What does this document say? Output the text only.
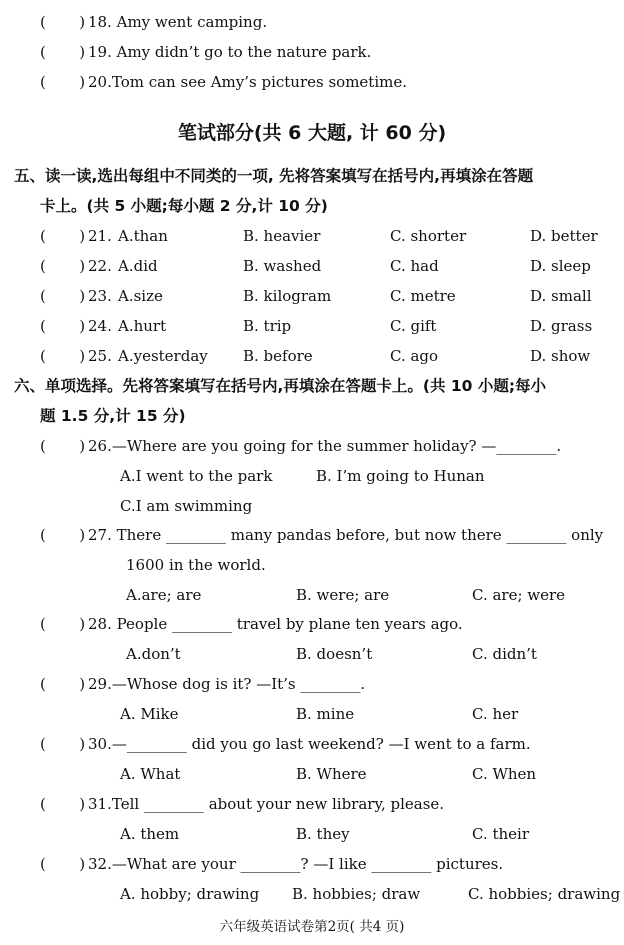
(       ) 18. Amy went camping.
(       ) 19. Amy didn’t go to the nature park.
(       ) 20.Tom can see Amy’s pictures sometime.
笔试部分(共 6 大题, 计 60 分)
五、读一读,选出每组中不同类的一项, 先将答案填写在括号内,再填涂在答题
卡上。(共 5 小题;每小题 2 分,计 10 分)
(       ) 21. A.than	B. heavier	C. shorter	D. better
(       ) 22. A.did	B. washed	C. had	D. sleep
(       ) 23. A.size	B. kilogram	C. metre	D. small
(       ) 24. A.hurt	B. trip	C. gift	D. grass
(       ) 25. A.yesterday B. before	C. ago	D. show
六、单项选择。先将答案填写在括号内,再填涂在答题卡上。(共 10 小题;每小
题 1.5 分,计 15 分)
(       ) 26.—Where are you going for the summer holiday? —________.
A.I went to the park	B. I’m going to Hunan
C.I am swimming
(       ) 27. There ________ many pandas before, but now there ________ only
1600 in the world.
A.are; are	B. were; are	C. are; were
(       ) 28. People ________ travel by plane ten years ago.
A.don’t	B. doesn’t	C. didn’t
(       ) 29.—Whose dog is it? —It’s ________.
A. Mike	B. mine	C. her
(       ) 30.—________ did you go last weekend? —I went to a farm.
A. What	B. Where	C. When
(       ) 31.Tell ________ about your new library, please.
A. them	B. they	C. their
(       ) 32.—What are your ________? —I like ________ pictures.
A. hobby; drawing B. hobbies; draw	C. hobbies; drawing
六年级英语试卷第2页( 共4 页)
